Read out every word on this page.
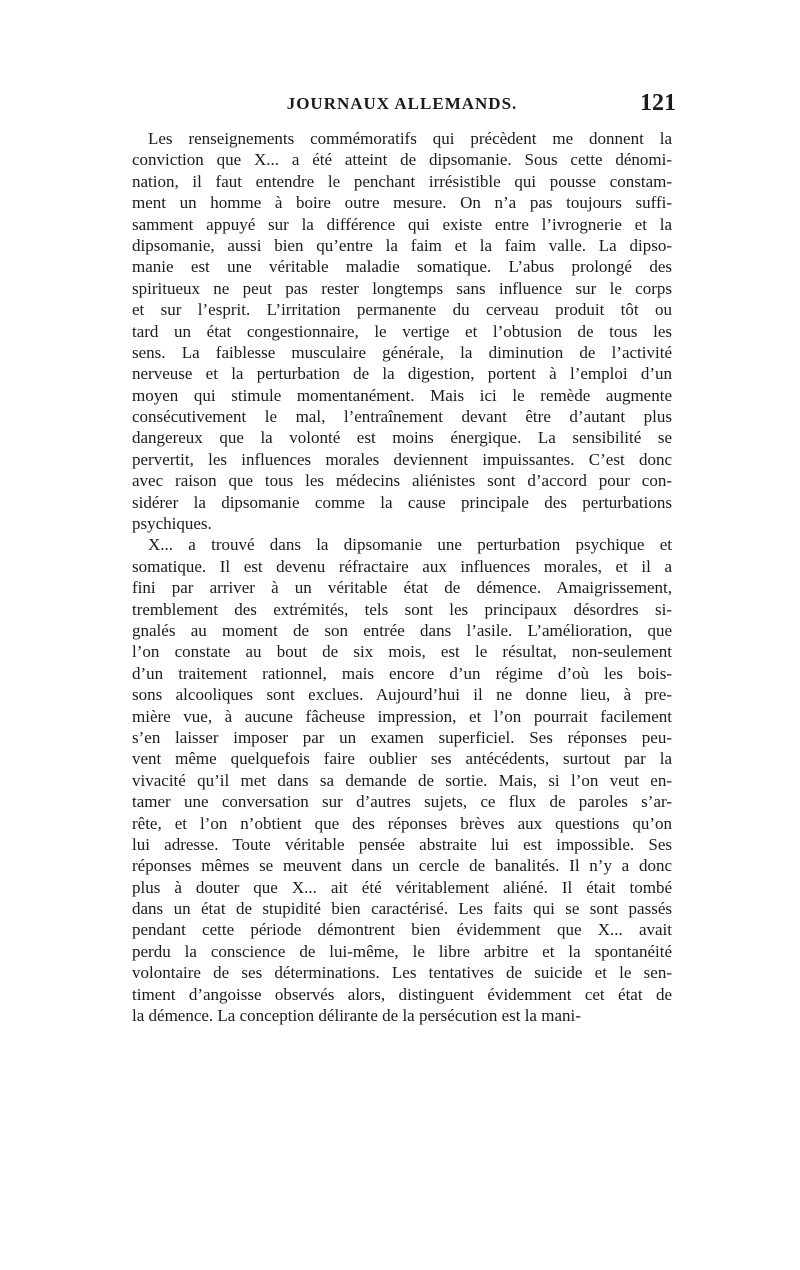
JOURNAUX ALLEMANDS.	121
Les renseignements commémoratifs qui précèdent me donnent la
conviction que X... a été atteint de dipsomanie. Sous cette dénomi-
nation, il faut entendre le penchant irrésistible qui pousse constam-
ment un homme à boire outre mesure. On n’a pas toujours suffi-
samment appuyé sur la différence qui existe entre l’ivrognerie et la
dipsomanie, aussi bien qu’entre la faim et la faim valle. La dipso-
manie est une véritable maladie somatique. L’abus prolongé des
spiritueux ne peut pas rester longtemps sans influence sur le corps
et sur l’esprit. L’irritation permanente du cerveau produit tôt ou
tard un état congestionnaire, le vertige et l’obtusion de tous les
sens. La faiblesse musculaire générale, la diminution de l’activité
nerveuse et la perturbation de la digestion, portent à l’emploi d’un
moyen qui stimule momentanément. Mais ici le remède augmente
consécutivement le mal, l’entraînement devant être d’autant plus
dangereux que la volonté est moins énergique. La sensibilité se
pervertit, les influences morales deviennent impuissantes. C’est donc
avec raison que tous les médecins aliénistes sont d’accord pour con-
sidérer la dipsomanie comme la cause principale des perturbations
psychiques.
X... a trouvé dans la dipsomanie une perturbation psychique et
somatique. Il est devenu réfractaire aux influences morales, et il a
fini par arriver à un véritable état de démence. Amaigrissement,
tremblement des extrémités, tels sont les principaux désordres si-
gnalés au moment de son entrée dans l’asile. L’amélioration, que
l’on constate au bout de six mois, est le résultat, non-seulement
d’un traitement rationnel, mais encore d’un régime d’où les bois-
sons alcooliques sont exclues. Aujourd’hui il ne donne lieu, à pre-
mière vue, à aucune fâcheuse impression, et l’on pourrait facilement
s’en laisser imposer par un examen superficiel. Ses réponses peu-
vent même quelquefois faire oublier ses antécédents, surtout par la
vivacité qu’il met dans sa demande de sortie. Mais, si l’on veut en-
tamer une conversation sur d’autres sujets, ce flux de paroles s’ar-
rête, et l’on n’obtient que des réponses brèves aux questions qu’on
lui adresse. Toute véritable pensée abstraite lui est impossible. Ses
réponses mêmes se meuvent dans un cercle de banalités. Il n’y a donc
plus à douter que X... ait été véritablement aliéné. Il était tombé
dans un état de stupidité bien caractérisé. Les faits qui se sont passés
pendant cette période démontrent bien évidemment que X... avait
perdu la conscience de lui-même, le libre arbitre et la spontanéité
volontaire de ses déterminations. Les tentatives de suicide et le sen-
timent d’angoisse observés alors, distinguent évidemment cet état de
la démence. La conception délirante de la persécution est la mani-
